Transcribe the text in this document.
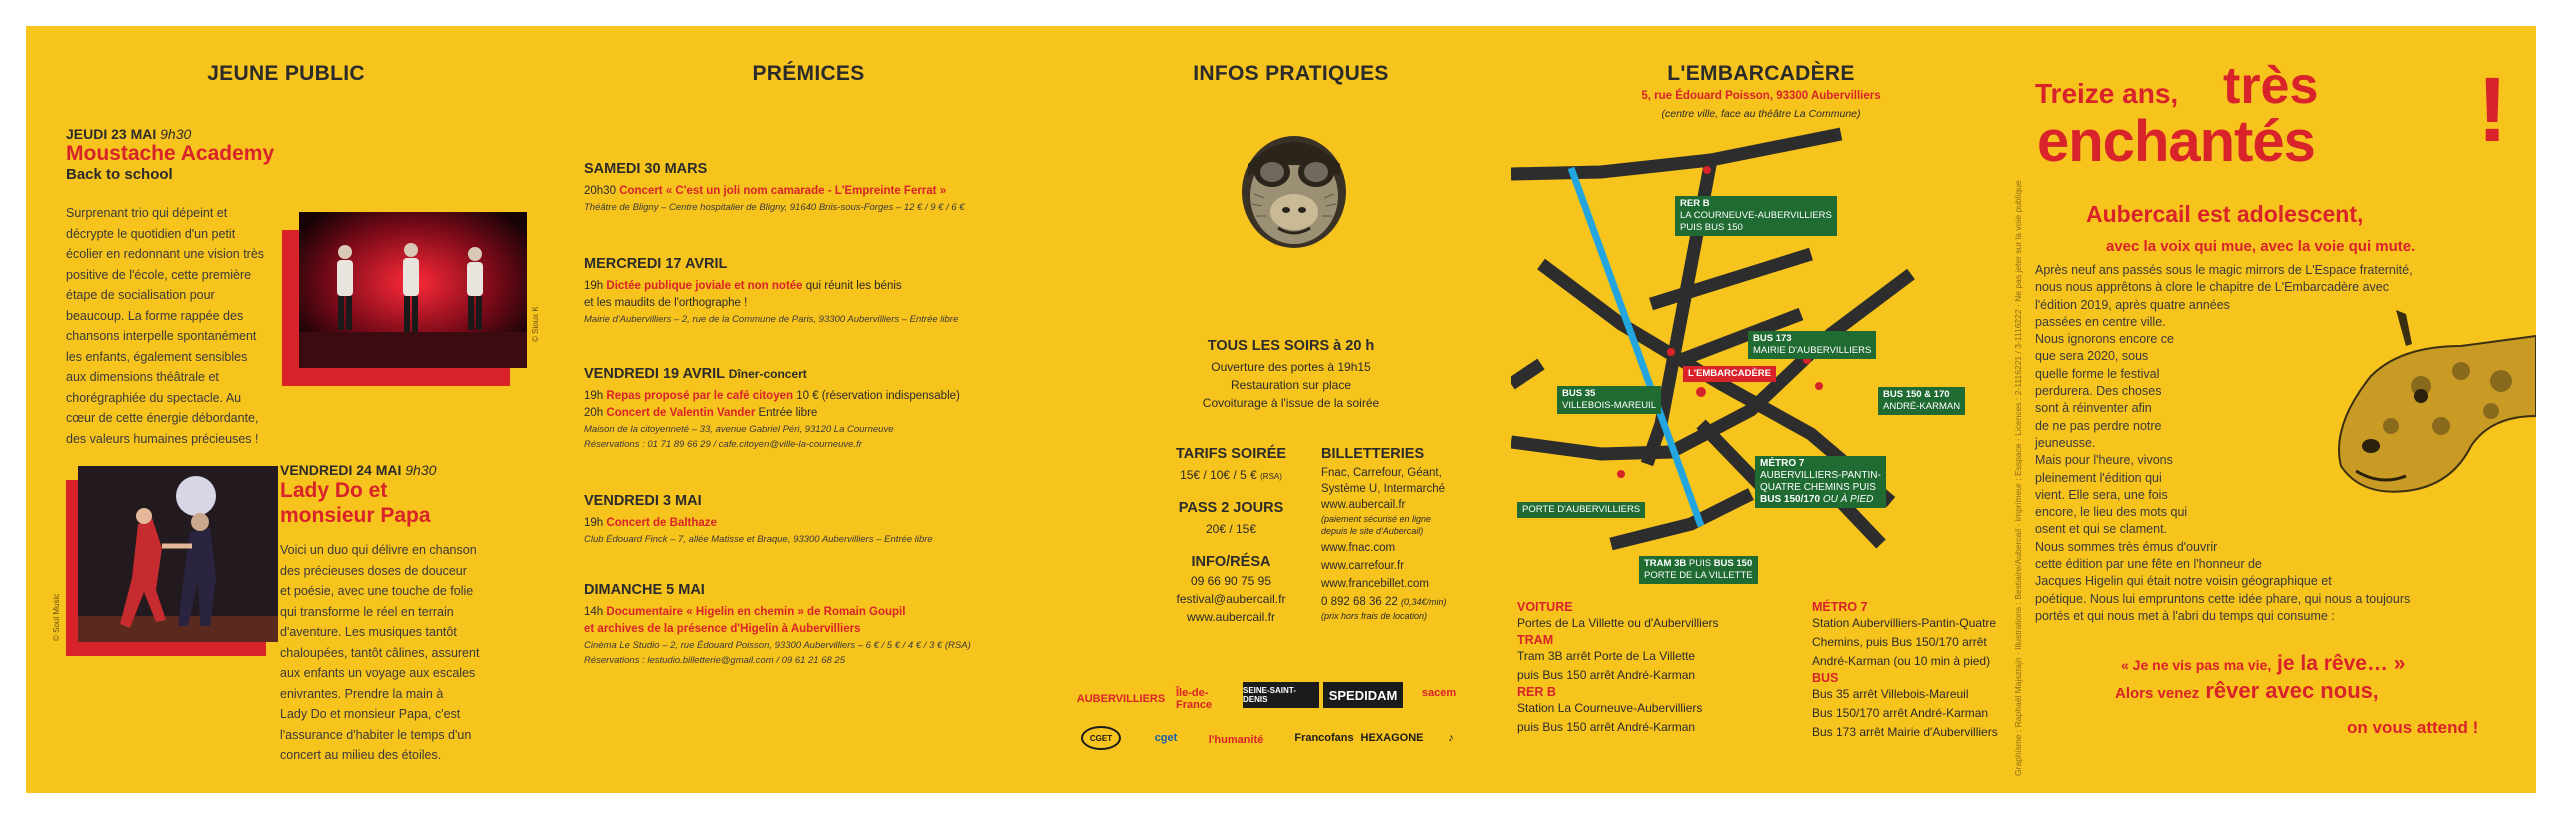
JEUNE PUBLIC
JEUDI 23 MAI 9h30
Moustache Academy
Back to school
Surprenant trio qui dépeint et
décrypte le quotidien d'un petit
écolier en redonnant une vision très
positive de l'école, cette première
étape de socialisation pour
beaucoup. La forme rappée des
chansons interpelle spontanément
les enfants, également sensibles
aux dimensions théâtrale et
chorégraphiée du spectacle. Au
cœur de cette énergie débordante,
des valeurs humaines précieuses !
© Sioux K
© Soul Music
VENDREDI 24 MAI 9h30
Lady Do et
monsieur Papa
Voici un duo qui délivre en chanson
des précieuses doses de douceur
et poésie, avec une touche de folie
qui transforme le réel en terrain
d'aventure. Les musiques tantôt
chaloupées, tantôt câlines, assurent
aux enfants un voyage aux escales
enivrantes. Prendre la main à
Lady Do et monsieur Papa, c'est
l'assurance d'habiter le temps d'un
concert au milieu des étoiles.
PRÉMICES
SAMEDI 30 MARS
20h30 Concert « C'est un joli nom camarade - L'Empreinte Ferrat »
Théâtre de Bligny – Centre hospitalier de Bligny, 91640 Briis-sous-Forges – 12 € / 9 € / 6 €
MERCREDI 17 AVRIL
19h Dictée publique joviale et non notée qui réunit les bénis
et les maudits de l'orthographe !
Mairie d'Aubervilliers – 2, rue de la Commune de Paris, 93300 Aubervilliers – Entrée libre
VENDREDI 19 AVRIL Dîner-concert
19h Repas proposé par le café citoyen 10 € (réservation indispensable)
20h Concert de Valentin Vander Entrée libre
Maison de la citoyenneté – 33, avenue Gabriel Péri, 93120 La Courneuve
Réservations : 01 71 89 66 29 / cafe.citoyen@ville-la-courneuve.fr
VENDREDI 3 MAI
19h Concert de Balthaze
Club Édouard Finck – 7, allée Matisse et Braque, 93300 Aubervilliers – Entrée libre
DIMANCHE 5 MAI
14h Documentaire « Higelin en chemin » de Romain Goupil
et archives de la présence d'Higelin à Aubervilliers
Cinéma Le Studio – 2, rue Édouard Poisson, 93300 Aubervilliers – 6 € / 5 € / 4 € / 3 € (RSA)
Réservations : lestudio.billetterie@gmail.com / 09 61 21 68 25
INFOS PRATIQUES
TOUS LES SOIRS à 20 h
Ouverture des portes à 19h15
Restauration sur place
Covoiturage à l'issue de la soirée
TARIFS SOIRÉE
15€ / 10€ / 5 € (RSA)
PASS 2 JOURS
20€ / 15€
INFO/RÉSA
09 66 90 75 95
festival@aubercail.fr
www.aubercail.fr
BILLETTERIES
Fnac, Carrefour, Géant,
Système U, Intermarché
www.aubercail.fr
(paiement sécurisé en ligne
depuis le site d'Aubercail)
www.fnac.com
www.carrefour.fr
www.francebillet.com
0 892 68 36 22 (0,34€/min)
(prix hors frais de location)
AUBERVILLIERS Île-de-France
SEINE-SAINT-DENIS	SPEDIDAM	sacem
CGET	cget	l'humanité	Francofans HEXAGONE	♪
L'EMBARCADÈRE
5, rue Édouard Poisson, 93300 Aubervilliers
(centre ville, face au théâtre La Commune)
RER B
LA COURNEUVE-AUBERVILLIERS
PUIS BUS 150
BUS 173
MAIRIE D'AUBERVILLIERS
L'EMBARCADÈRE
BUS 35
VILLEBOIS-MAREUIL
BUS 150 & 170
ANDRÉ-KARMAN
MÉTRO 7
AUBERVILLIERS-PANTIN-
QUATRE CHEMINS PUIS
BUS 150/170 OU À PIED
PORTE D'AUBERVILLIERS
TRAM 3B PUIS BUS 150
PORTE DE LA VILLETTE
VOITURE
Portes de La Villette ou d'Aubervilliers
TRAM
Tram 3B arrêt Porte de La Villette
puis Bus 150 arrêt André-Karman
RER B
Station La Courneuve-Aubervilliers
puis Bus 150 arrêt André-Karman
MÉTRO 7
Station Aubervilliers-Pantin-Quatre
Chemins, puis Bus 150/170 arrêt
André-Karman (ou 10 min à pied)
BUS
Bus 35 arrêt Villebois-Mareuil
Bus 150/170 arrêt André-Karman
Bus 173 arrêt Mairie d'Aubervilliers	Graphisme : Raphaël Majsztajn · Illustrations : Bestiaire/Aubercail · Imprimeur : Esspace · Licences : 2-1116221 / 3-1116222 · Ne pas jeter sur la voie publique
Treize ans, très
enchantés !
Aubercail est adolescent,
avec la voix qui mue, avec la voie qui mute.
Après neuf ans passés sous le magic mirrors de L'Espace fraternité,
nous nous apprêtons à clore le chapitre de L'Embarcadère avec
l'édition 2019, après quatre années
passées en centre ville.
Nous ignorons encore ce
que sera 2020, sous
quelle forme le festival
perdurera. Des choses
sont à réinventer afin
de ne pas perdre notre
jeuneusse.
Mais pour l'heure, vivons
pleinement l'édition qui
vient. Elle sera, une fois
encore, le lieu des mots qui
osent et qui se clament.
Nous sommes très émus d'ouvrir
cette édition par une fête en l'honneur de
Jacques Higelin qui était notre voisin géographique et
poétique. Nous lui empruntons cette idée phare, qui nous a toujours
portés et qui nous met à l'abri du temps qui consume :
« Je ne vis pas ma vie, je la rêve… »
Alors venez rêver avec nous,
on vous attend !
